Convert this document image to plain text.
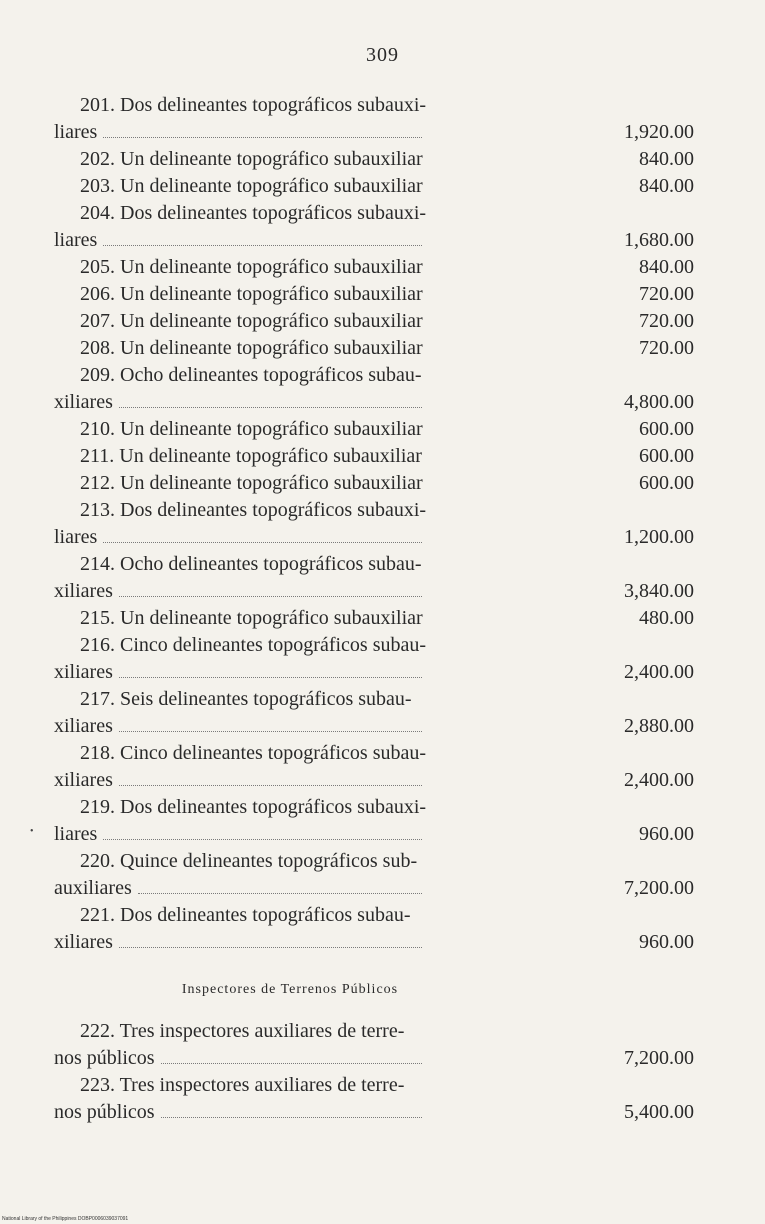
309
201. Dos delineantes topográficos subauxi-
liares	1,920.00
202. Un delineante topográfico subauxiliar	840.00
203. Un delineante topográfico subauxiliar	840.00
204. Dos delineantes topográficos subauxi-
liares	1,680.00
205. Un delineante topográfico subauxiliar	840.00
206. Un delineante topográfico subauxiliar	720.00
207. Un delineante topográfico subauxiliar	720.00
208. Un delineante topográfico subauxiliar	720.00
209. Ocho delineantes topográficos subau-
xiliares	4,800.00
210. Un delineante topográfico subauxiliar	600.00
211. Un delineante topográfico subauxiliar	600.00
212. Un delineante topográfico subauxiliar	600.00
213. Dos delineantes topográficos subauxi-
liares	1,200.00
214. Ocho delineantes topográficos subau-
xiliares	3,840.00
215. Un delineante topográfico subauxiliar	480.00
216. Cinco delineantes topográficos subau-
xiliares	2,400.00
217. Seis delineantes topográficos subau-
xiliares	2,880.00
218. Cinco delineantes topográficos subau-
xiliares	2,400.00
219. Dos delineantes topográficos subauxi-
liares	960.00
220. Quince delineantes topográficos sub-
auxiliares	7,200.00
221. Dos delineantes topográficos subau-
xiliares	960.00
Inspectores de Terrenos Públicos
222. Tres inspectores auxiliares de terre-
nos públicos	7,200.00
223. Tres inspectores auxiliares de terre-
nos públicos	5,400.00
•
National Library of the Philippines DOBP0006039037091
